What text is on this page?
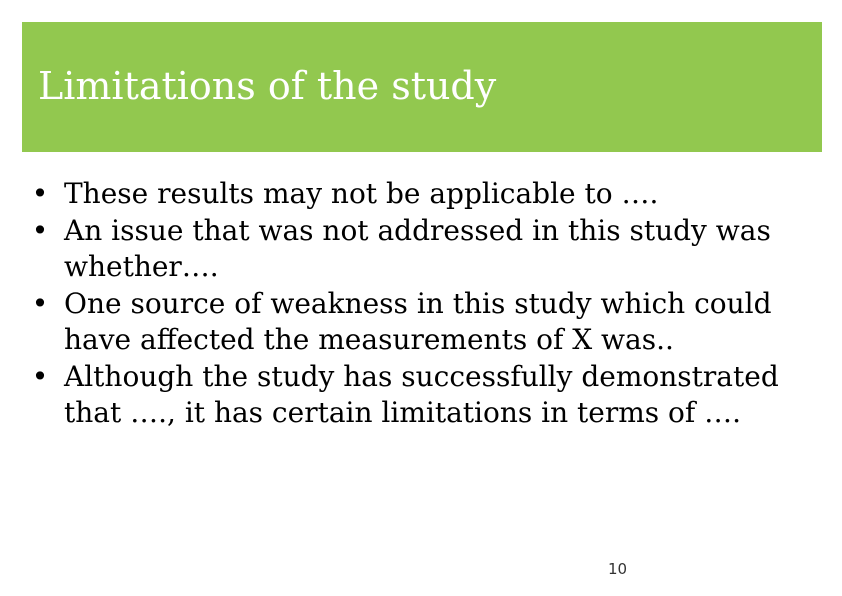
Limitations of the study
• These results may not be applicable to ….
• An issue that was not addressed in this study was whether….
• One source of weakness in this study which could have affected the measurements of X was..
• Although the study has successfully demonstrated that …., it has certain limitations in terms of ….
10
